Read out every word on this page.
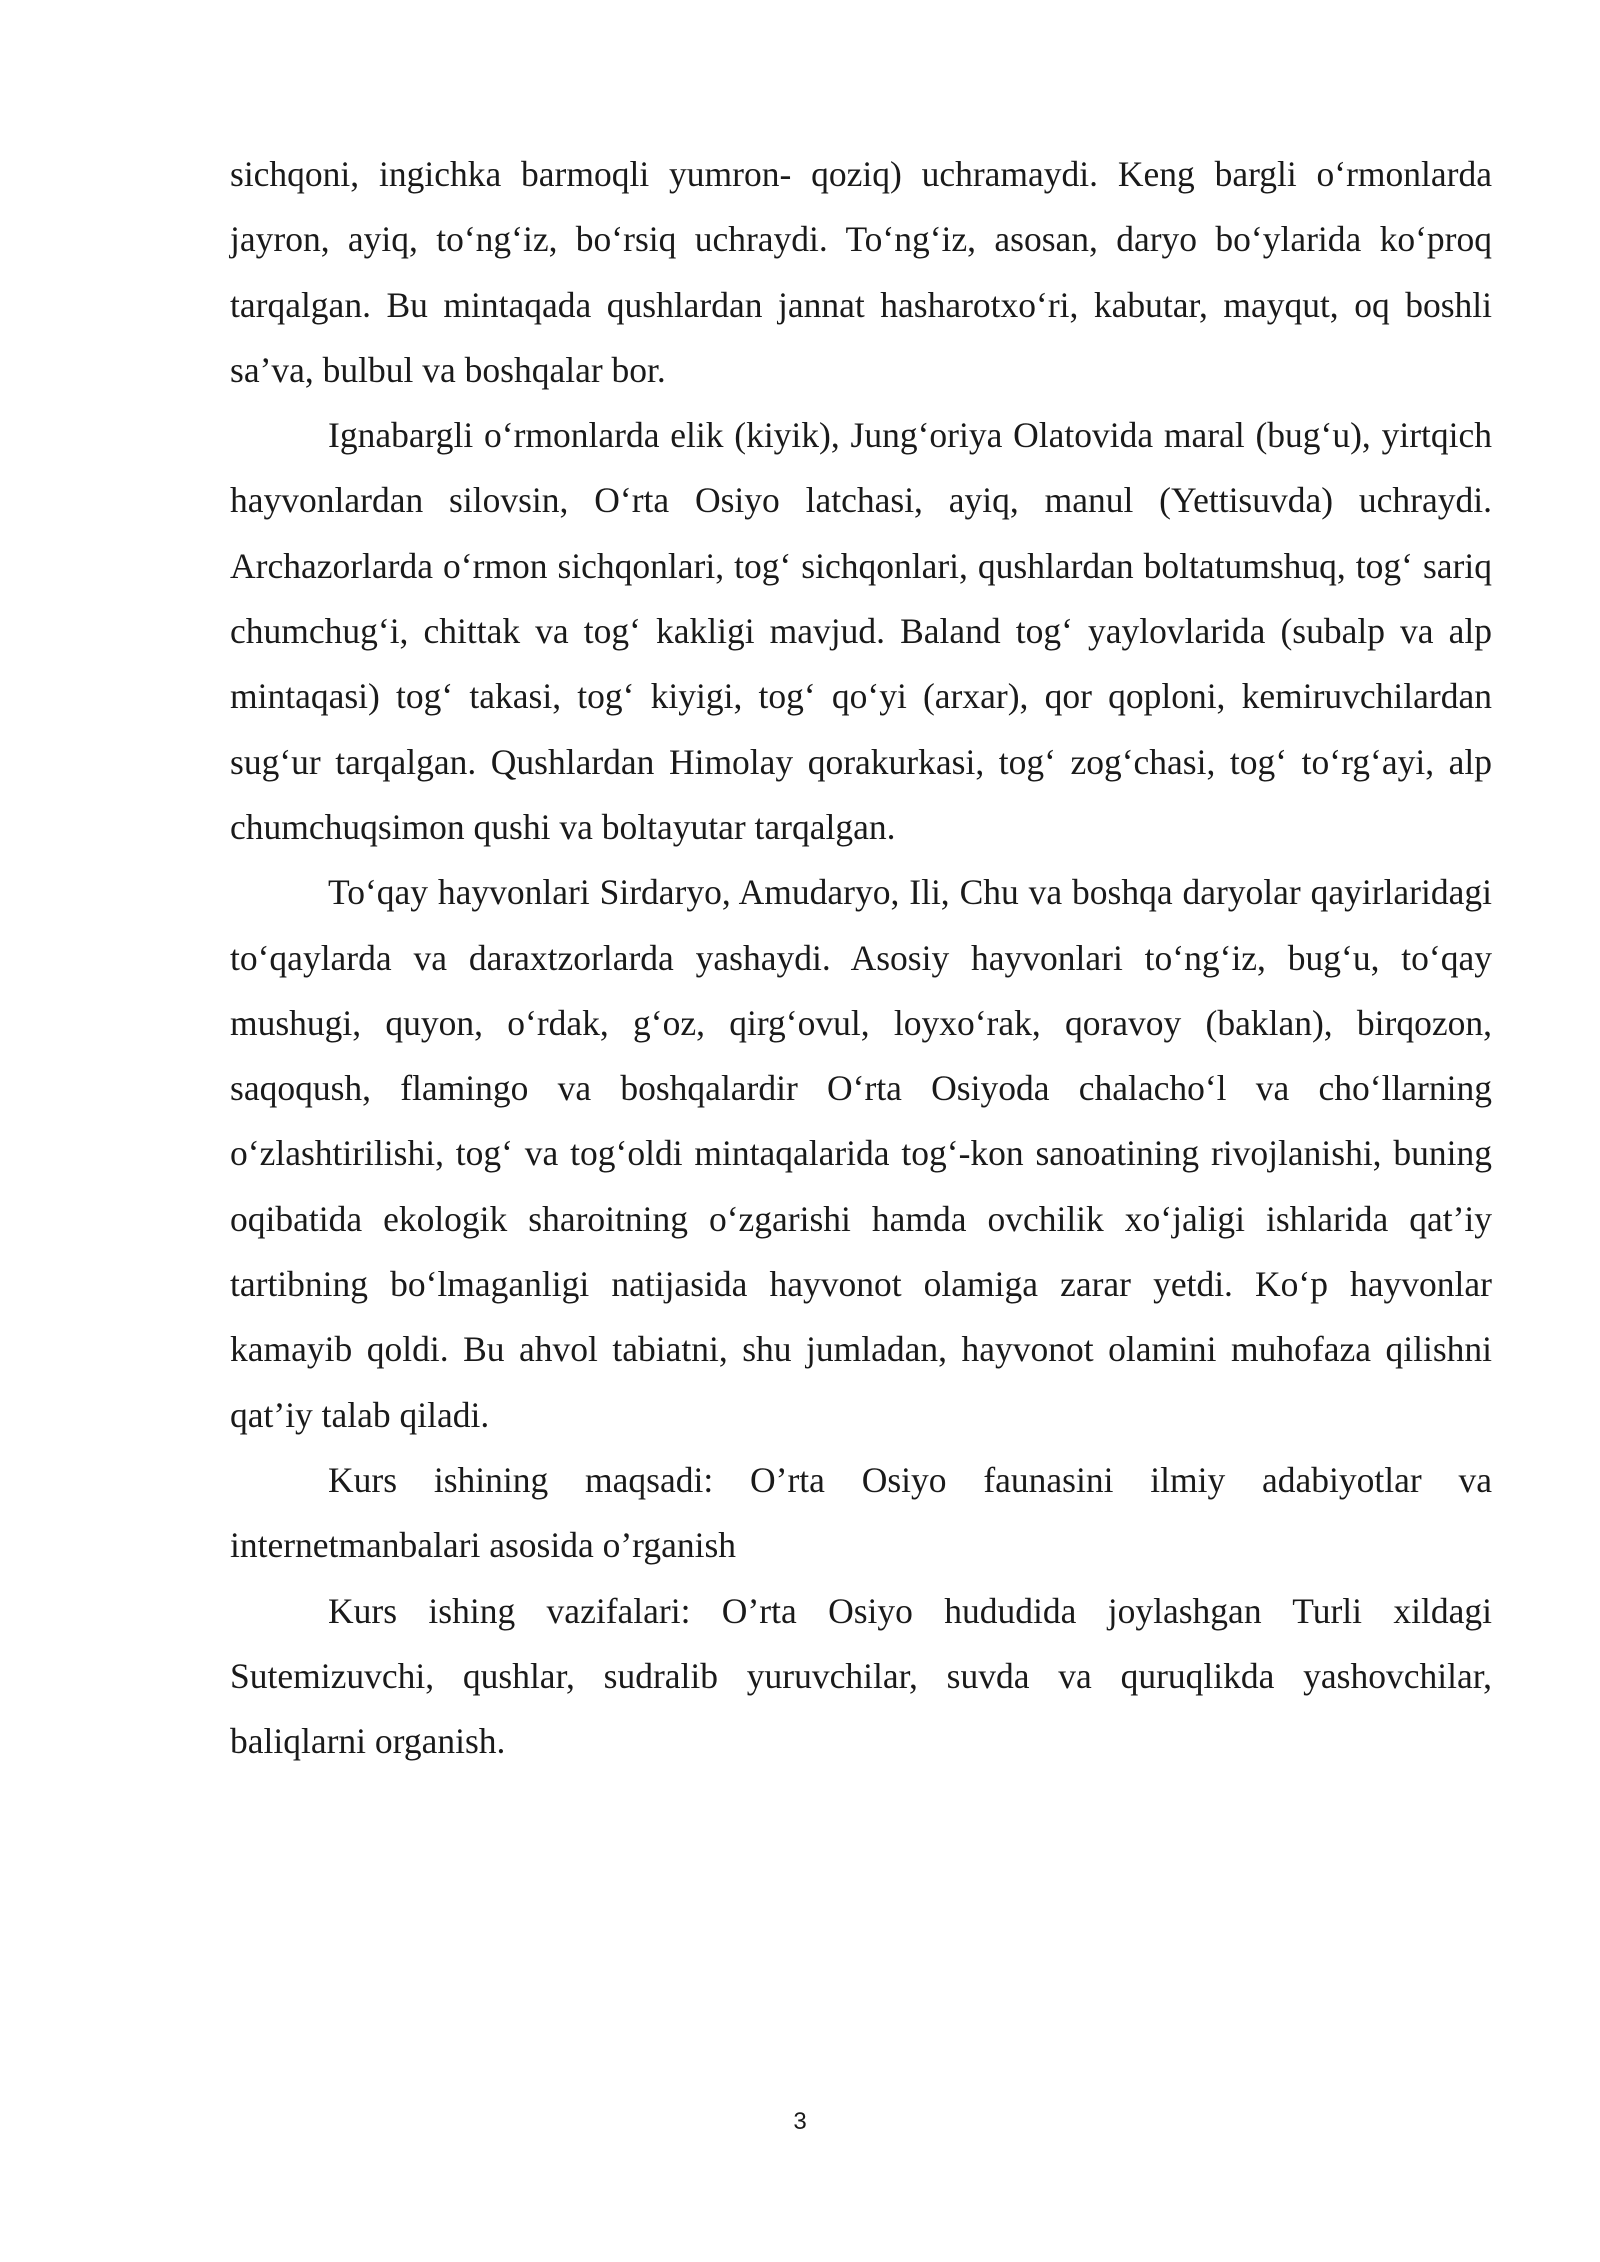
sichqoni, ingichka barmoqli yumron- qoziq) uchramaydi. Keng bargli o‘rmonlarda jayron, ayiq, to‘ng‘iz, bo‘rsiq uchraydi. To‘ng‘iz, asosan, daryo bo‘ylarida ko‘proq tarqalgan. Bu mintaqada qushlardan jannat hasharotxo‘ri, kabutar, mayqut, oq boshli sa’va, bulbul va boshqalar bor.

Ignabargli o‘rmonlarda elik (kiyik), Jung‘oriya Olatovida maral (bug‘u), yirtqich hayvonlardan silovsin, O‘rta Osiyo latchasi, ayiq, manul (Yettisuvda) uchraydi. Archazorlarda o‘rmon sichqonlari, tog‘ sichqonlari, qushlardan boltatumshuq, tog‘ sariq chumchug‘i, chittak va tog‘ kakligi mavjud. Baland tog‘ yaylovlarida (subalp va alp mintaqasi) tog‘ takasi, tog‘ kiyigi, tog‘ qo‘yi (arxar), qor qoploni, kemiruvchilardan sug‘ur tarqalgan. Qushlardan Himolay qorakurkasi, tog‘ zog‘chasi, tog‘ to‘rg‘ayi, alp chumchuqsimon qushi va boltayutar tarqalgan.

To‘qay hayvonlari Sirdaryo, Amudaryo, Ili, Chu va boshqa daryolar qayirlaridagi to‘qaylarda va daraxtzorlarda yashaydi. Asosiy hayvonlari to‘ng‘iz, bug‘u, to‘qay mushugi, quyon, o‘rdak, g‘oz, qirg‘ovul, loyxo‘rak, qoravoy (baklan), birqozon, saqoqush, flamingo va boshqalardir O‘rta Osiyoda chalacho‘l va cho‘llarning o‘zlashtirilishi, tog‘ va tog‘oldi mintaqalarida tog‘-kon sanoatining rivojlanishi, buning oqibatida ekologik sharoitning o‘zgarishi hamda ovchilik xo‘jaligi ishlarida qat’iy tartibning bo‘lmaganligi natijasida hayvonot olamiga zarar yetdi. Ko‘p hayvonlar kamayib qoldi. Bu ahvol tabiatni, shu jumladan, hayvonot olamini muhofaza qilishni qat’iy talab qiladi.

Kurs ishining maqsadi: O’rta Osiyo faunasini ilmiy adabiyotlar va internetmanbalari asosida o’rganish

Kurs ishing vazifalari: O’rta Osiyo hududida joylashgan Turli xildagi Sutemizuvchi, qushlar, sudralib yuruvchilar, suvda va quruqlikda yashovchilar, baliqlarni organish.

3
